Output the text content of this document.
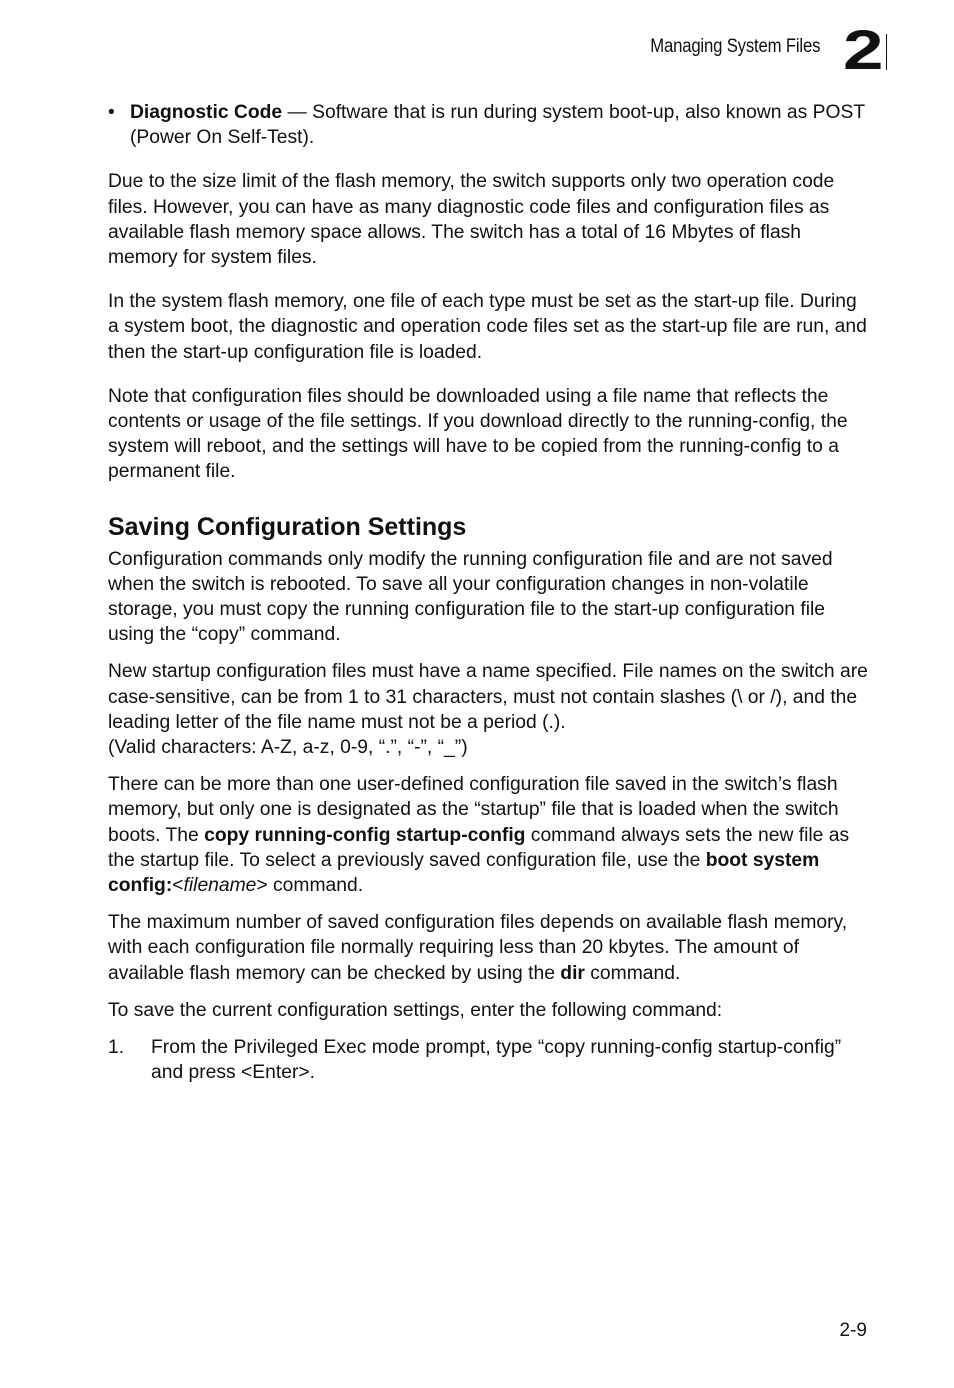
Managing System Files 2
• Diagnostic Code — Software that is run during system boot-up, also known as POST (Power On Self-Test).

Due to the size limit of the flash memory, the switch supports only two operation code files. However, you can have as many diagnostic code files and configuration files as available flash memory space allows. The switch has a total of 16 Mbytes of flash memory for system files.

In the system flash memory, one file of each type must be set as the start-up file. During a system boot, the diagnostic and operation code files set as the start-up file are run, and then the start-up configuration file is loaded.

Note that configuration files should be downloaded using a file name that reflects the contents or usage of the file settings. If you download directly to the running-config, the system will reboot, and the settings will have to be copied from the running-config to a permanent file.

Saving Configuration Settings

Configuration commands only modify the running configuration file and are not saved when the switch is rebooted. To save all your configuration changes in non-volatile storage, you must copy the running configuration file to the start-up configuration file using the “copy” command.

New startup configuration files must have a name specified. File names on the switch are case-sensitive, can be from 1 to 31 characters, must not contain slashes (\ or /), and the leading letter of the file name must not be a period (.).
(Valid characters: A-Z, a-z, 0-9, “.”, “-”, “_”)

There can be more than one user-defined configuration file saved in the switch’s flash memory, but only one is designated as the “startup” file that is loaded when the switch boots. The copy running-config startup-config command always sets the new file as the startup file. To select a previously saved configuration file, use the boot system config:<filename> command.

The maximum number of saved configuration files depends on available flash memory, with each configuration file normally requiring less than 20 kbytes. The amount of available flash memory can be checked by using the dir command.

To save the current configuration settings, enter the following command:

1. From the Privileged Exec mode prompt, type “copy running-config startup-config” and press <Enter>.
2-9
